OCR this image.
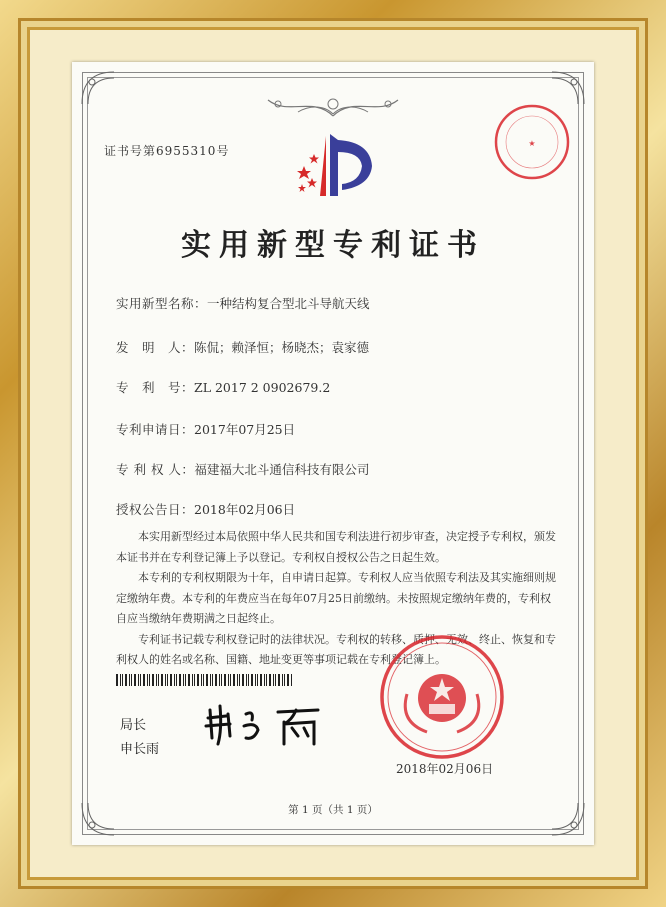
★
证书号第6955310号
实用新型专利证书
实用新型名称：一种结构复合型北斗导航天线
发　明　人：陈侃；赖泽恒；杨晓杰；袁家德
专　利　号：ZL 2017 2 0902679.2
专利申请日：2017年07月25日
专 利 权 人：福建福大北斗通信科技有限公司
授权公告日：2018年02月06日

本实用新型经过本局依照中华人民共和国专利法进行初步审查，决定授予专利权，颁发本证书并在专利登记簿上予以登记。专利权自授权公告之日起生效。

本专利的专利权期限为十年，自申请日起算。专利权人应当依照专利法及其实施细则规定缴纳年费。本专利的年费应当在每年07月25日前缴纳。未按照规定缴纳年费的，专利权自应当缴纳年费期满之日起终止。

专利证书记载专利权登记时的法律状况。专利权的转移、质押、无效、终止、恢复和专利权人的姓名或名称、国籍、地址变更等事项记载在专利登记簿上。

局长
申长雨
2018年02月06日
第 1 页（共 1 页）
